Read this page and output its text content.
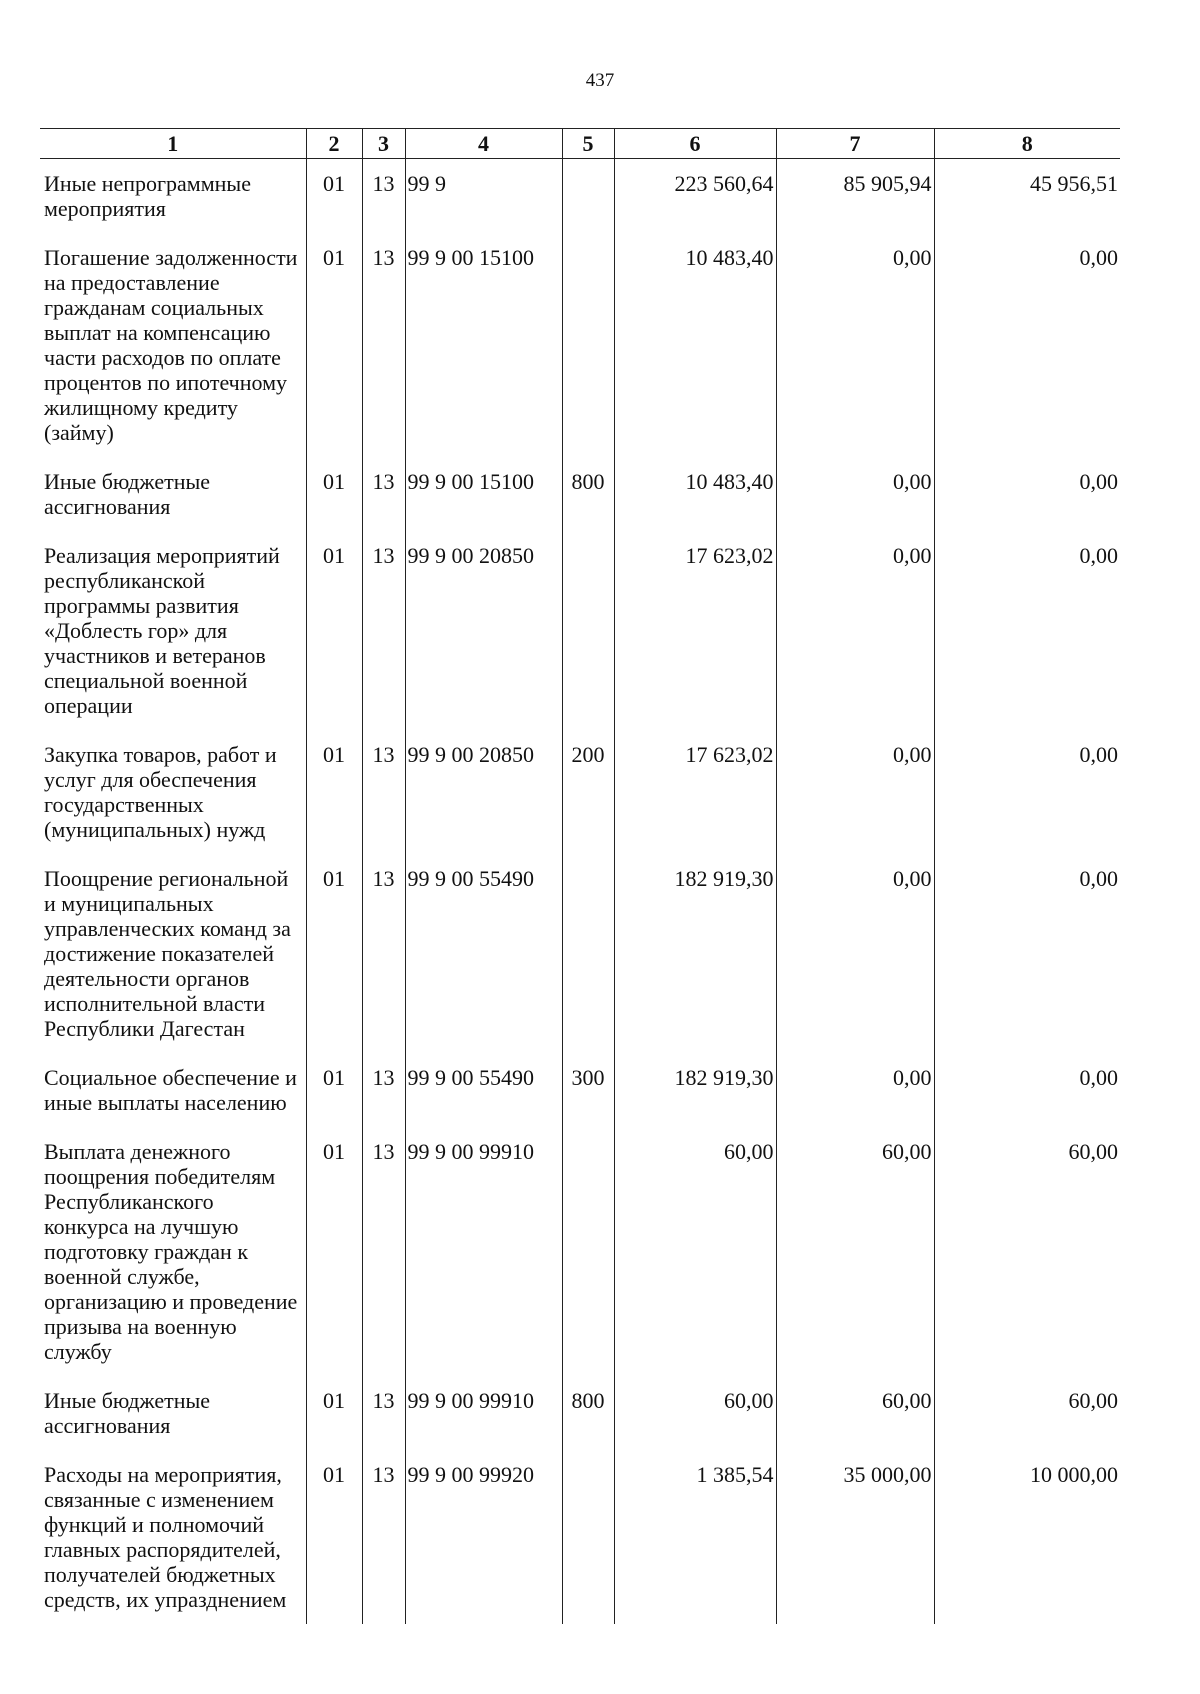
437
1	2	3	4	5	6	7	8
Иные непрограммные мероприятия	01	13	99 9		223 560,64	85 905,94	45 956,51
Погашение задолженности на предоставление гражданам социальных выплат на компенсацию части расходов по оплате процентов по ипотечному жилищному кредиту (займу)	01	13	99 9 00 15100		10 483,40	0,00	0,00
Иные бюджетные ассигнования	01	13	99 9 00 15100	800	10 483,40	0,00	0,00
Реализация мероприятий республиканской программы развития «Доблесть гор» для участников и ветеранов специальной военной операции	01	13	99 9 00 20850		17 623,02	0,00	0,00
Закупка товаров, работ и услуг для обеспечения государственных (муниципальных) нужд	01	13	99 9 00 20850	200	17 623,02	0,00	0,00
Поощрение региональной и муниципальных управленческих команд за достижение показателей деятельности органов исполнительной власти Республики Дагестан	01	13	99 9 00 55490		182 919,30	0,00	0,00
Социальное обеспечение и иные выплаты населению	01	13	99 9 00 55490	300	182 919,30	0,00	0,00
Выплата денежного поощрения победителям Республиканского конкурса на лучшую подготовку граждан к военной службе, организацию и проведение призыва на военную службу	01	13	99 9 00 99910		60,00	60,00	60,00
Иные бюджетные ассигнования	01	13	99 9 00 99910	800	60,00	60,00	60,00
Расходы на мероприятия, связанные с изменением функций и полномочий главных распорядителей, получателей бюджетных средств, их упразднением	01	13	99 9 00 99920		1 385,54	35 000,00	10 000,00
